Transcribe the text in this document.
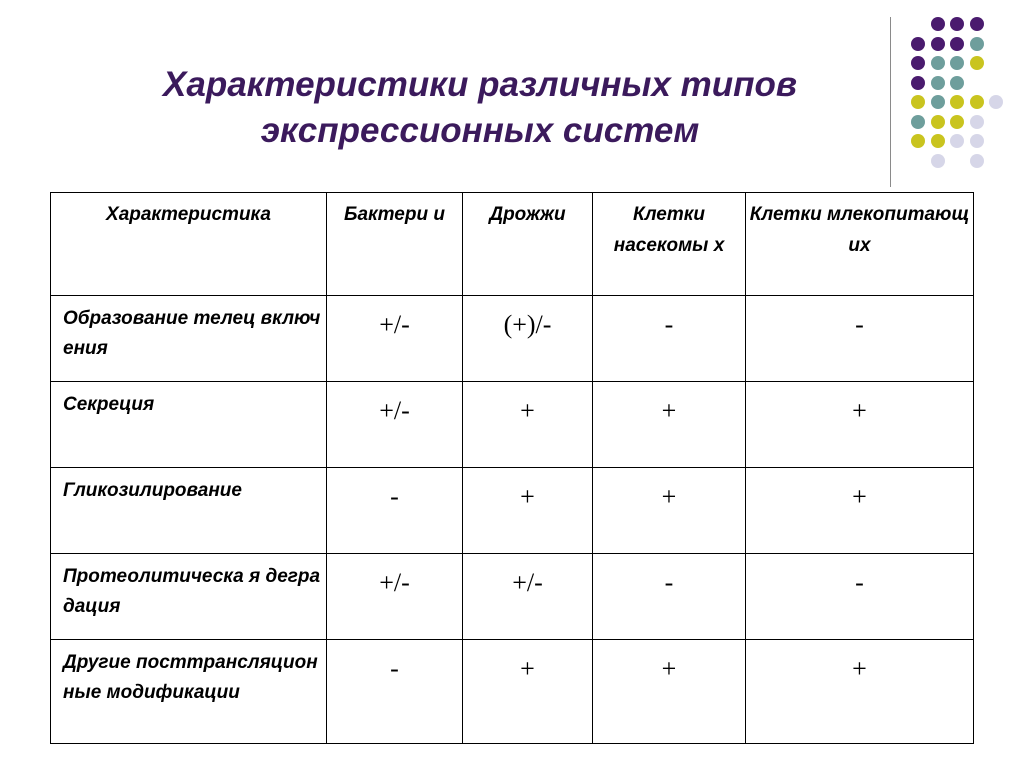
Характеристики различных типов
экспрессионных систем
Характеристика	Бактери и	Дрожжи	Клетки насекомы х	Клетки млекопитающ их
Образование телец включения	+/-	(+)/-	-	-
Секреция	+/-	+	+	+
Гликозилирование	-	+	+	+
Протеолитическа я деградация	+/-	+/-	-	-
Другие посттрансляцион ные модификации	-	+	+	+
